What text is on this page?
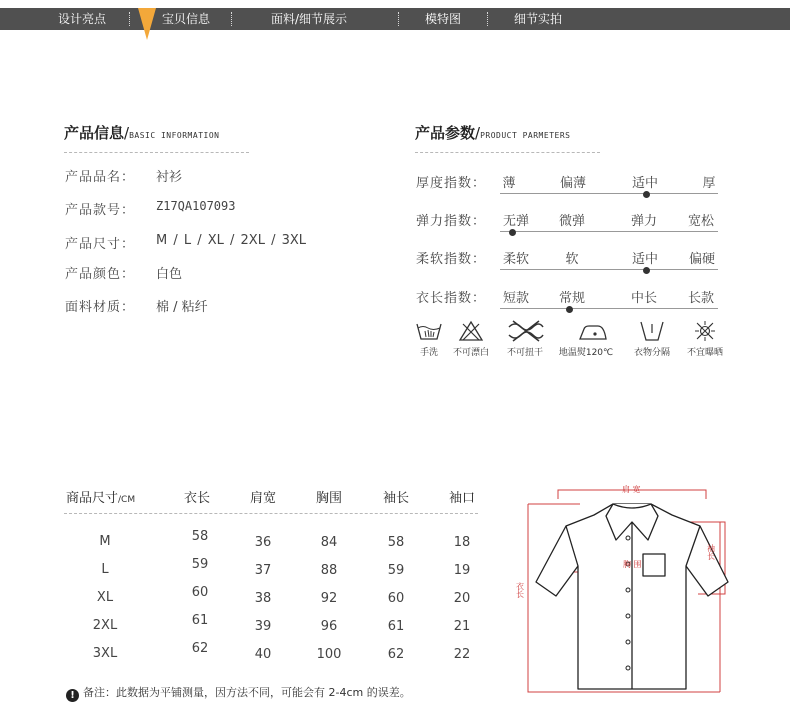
设计亮点	宝贝信息	面料/细节展示	模特图	细节实拍
产品信息/BASIC INFORMATION
产品品名： 衬衫
产品款号： Z17QA107093
产品尺寸： M / L / XL / 2XL / 3XL
产品颜色： 白色
面料材质： 棉 / 粘纤
产品参数/PRODUCT PARMETERS
厚度指数： 薄	偏薄	适中	厚
弹力指数： 无弹 微弹	弹力 宽松
柔软指数： 柔软	软	适中 偏硬
衣长指数： 短款 常规	中长 长款
手洗 不可漂白 不可扭干 地温熨120℃ 衣物分隔 不宜曝晒
商品尺寸/CM	衣长	肩宽	胸围	袖长	袖口
M	58	36	84	58	18
L	59	37	88	59	19
XL	60	38	92	60	20
2XL	61	39	96	61	21
3XL	62	40	100	62	22
! 备注：此数据为平铺测量，因方法不同，可能会有 2-4cm 的误差。
肩 宽
胸 围
袖长
衣长
